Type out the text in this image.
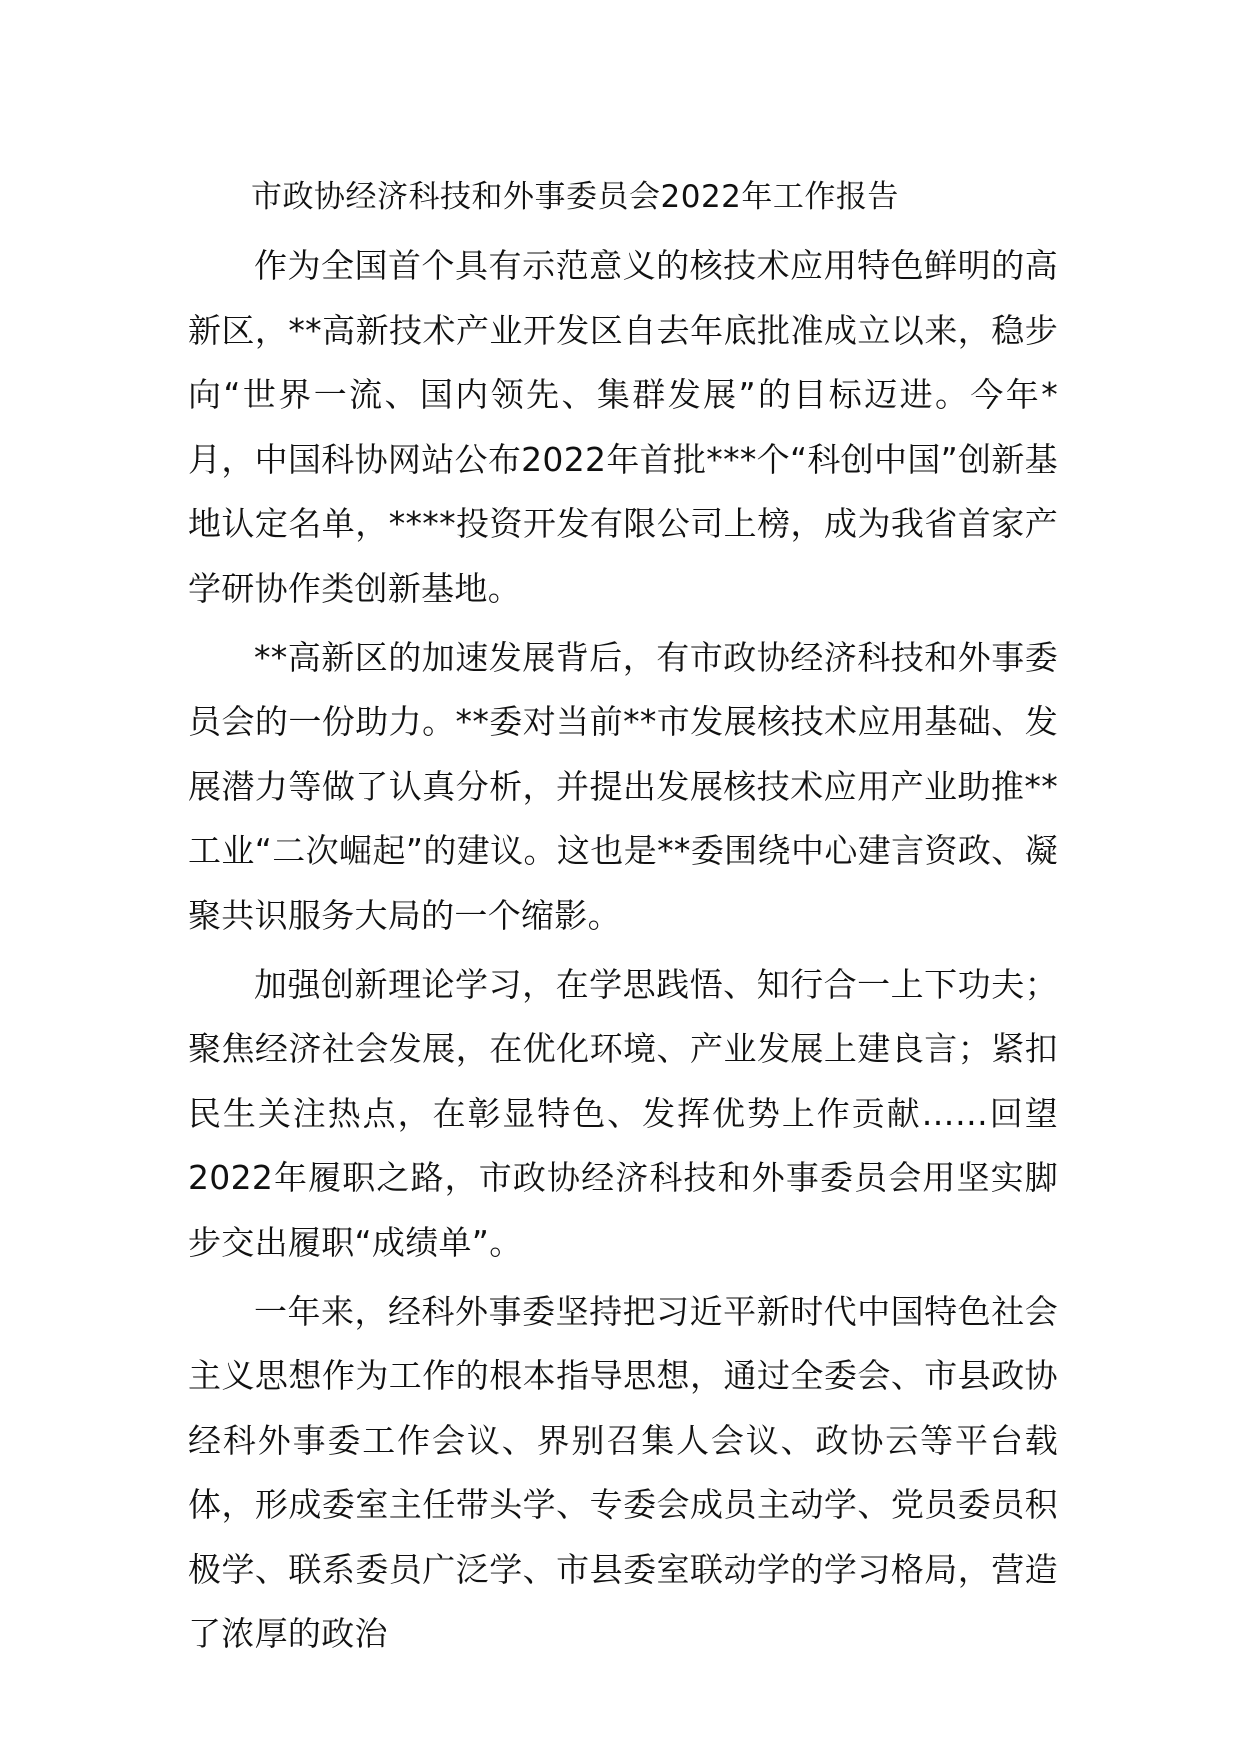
市政协经济科技和外事委员会2022年工作报告

作为全国首个具有示范意义的核技术应用特色鲜明的高新区，**高新技术产业开发区自去年底批准成立以来，稳步向“世界一流、国内领先、集群发展”的目标迈进。今年*月，中国科协网站公布2022年首批***个“科创中国”创新基地认定名单，****投资开发有限公司上榜，成为我省首家产学研协作类创新基地。

**高新区的加速发展背后，有市政协经济科技和外事委员会的一份助力。**委对当前**市发展核技术应用基础、发展潜力等做了认真分析，并提出发展核技术应用产业助推**工业“二次崛起”的建议。这也是**委围绕中心建言资政、凝聚共识服务大局的一个缩影。

加强创新理论学习，在学思践悟、知行合一上下功夫；聚焦经济社会发展，在优化环境、产业发展上建良言；紧扣民生关注热点，在彰显特色、发挥优势上作贡献……回望2022年履职之路，市政协经济科技和外事委员会用坚实脚步交出履职“成绩单”。

一年来，经科外事委坚持把习近平新时代中国特色社会主义思想作为工作的根本指导思想，通过全委会、市县政协经科外事委工作会议、界别召集人会议、政协云等平台载体，形成委室主任带头学、专委会成员主动学、党员委员积极学、联系委员广泛学、市县委室联动学的学习格局，营造了浓厚的政治
